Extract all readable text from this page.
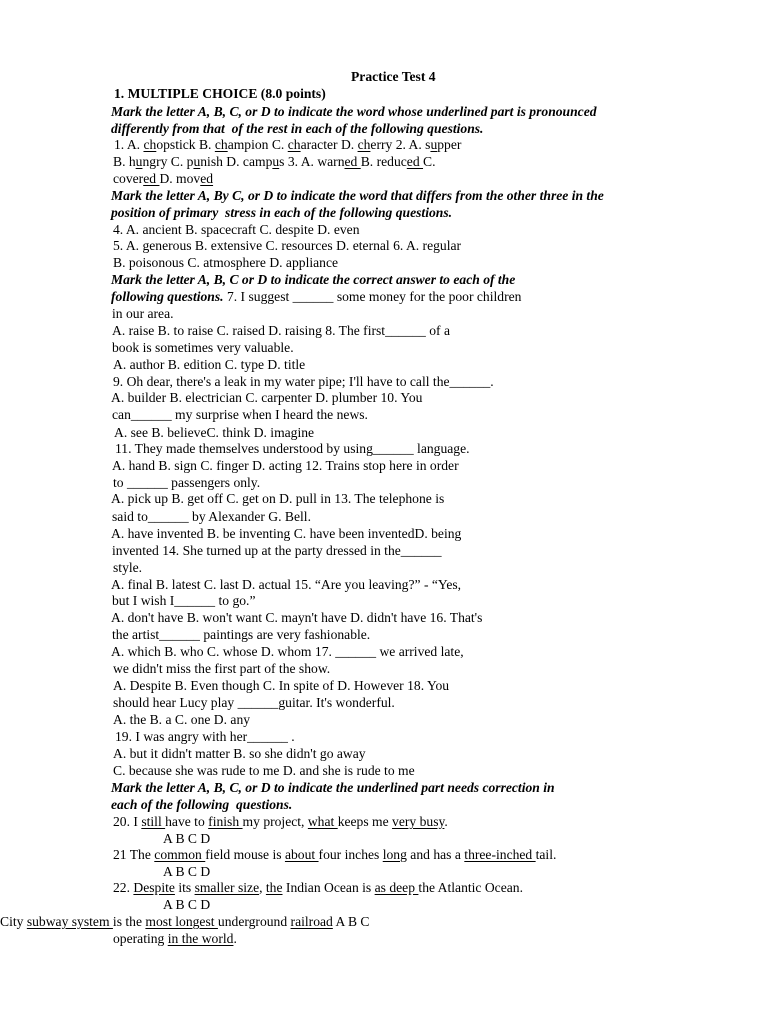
Practice Test 4
1. MULTIPLE CHOICE (8.0 points)
Mark the letter A, B, C, or D to indicate the word whose underlined part is pronounced
differently from that  of the rest in each of the following questions.
1. A. chopstick B. champion C. character D. cherry 2. A. supper
B. hungry C. punish D. campus 3. A. warned B. reduced C.
covered D. moved
Mark the letter A, By C, or D to indicate the word that differs from the other three in the
position of primary  stress in each of the following questions.
4. A. ancient B. spacecraft C. despite D. even
5. A. generous B. extensive C. resources D. eternal 6. A. regular
B. poisonous C. atmosphere D. appliance
Mark the letter A, B, C or D to indicate the correct answer to each of the
following questions. 7. I suggest ______ some money for the poor children
in our area.
A. raise B. to raise C. raised D. raising 8. The first______ of a
book is sometimes very valuable.
A. author B. edition C. type D. title
9. Oh dear, there's a leak in my water pipe; I'll have to call the______.
A. builder B. electrician C. carpenter D. plumber 10. You
can______ my surprise when I heard the news.
A. see B. believeC. think D. imagine
11. They made themselves understood by using______ language.
A. hand B. sign C. finger D. acting 12. Trains stop here in order
to ______ passengers only.
A. pick up B. get off C. get on D. pull in 13. The telephone is
said to______ by Alexander G. Bell.
A. have invented B. be inventing C. have been inventedD. being
invented 14. She turned up at the party dressed in the______
style.
A. final B. latest C. last D. actual 15. “Are you leaving?” - “Yes,
but I wish I______ to go.”
A. don't have B. won't want C. mayn't have D. didn't have 16. That's
the artist______ paintings are very fashionable.
A. which B. who C. whose D. whom 17. ______ we arrived late,
we didn't miss the first part of the show.
A. Despite B. Even though C. In spite of D. However 18. You
should hear Lucy play ______guitar. It's wonderful.
A. the B. a C. one D. any
19. I was angry with her______ .
A. but it didn't matter B. so she didn't go away
C. because she was rude to me D. and she is rude to me
Mark the letter A, B, C, or D to indicate the underlined part needs correction in
each of the following  questions.
20. I still have to finish my project, what keeps me very busy.
A B C D
21 The common field mouse is about four inches long and has a three-inched tail.
A B C D
22. Despite its smaller size, the Indian Ocean is as deep the Atlantic Ocean.
A B C D
City subway system is the most longest underground railroad A B C
operating in the world.
